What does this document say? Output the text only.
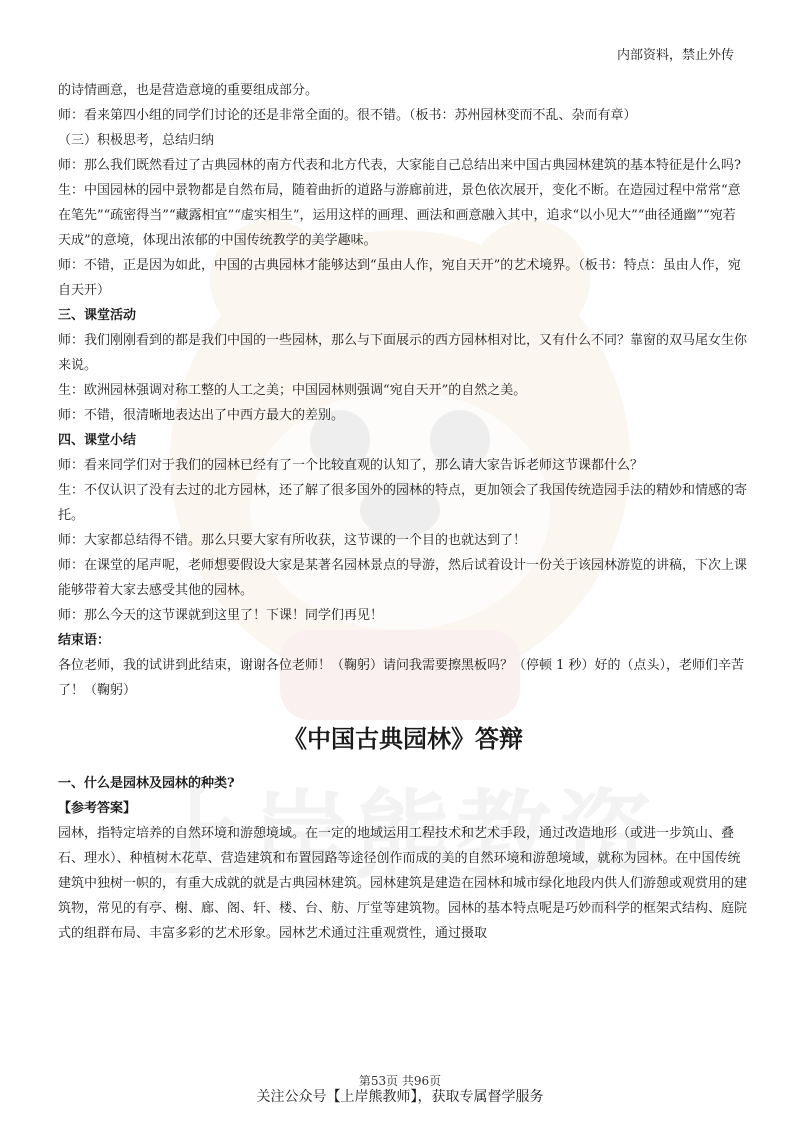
内部资料，禁止外传

的诗情画意，也是营造意境的重要组成部分。

师：看来第四小组的同学们讨论的还是非常全面的。很不错。（板书：苏州园林变而不乱、杂而有章）

（三）积极思考，总结归纳

师：那么我们既然看过了古典园林的南方代表和北方代表，大家能自己总结出来中国古典园林建筑的基本特征是什么吗?

生：中国园林的园中景物都是自然布局，随着曲折的道路与游廊前进，景色依次展开，变化不断。在造园过程中常常“意在笔先”“疏密得当”“藏露相宜”“虚实相生”，运用这样的画理、画法和画意融入其中，追求“以小见大”“曲径通幽”“宛若天成”的意境，体现出浓郁的中国传统教学的美学趣味。

师：不错，正是因为如此，中国的古典园林才能够达到“虽由人作，宛自天开”的艺术境界。（板书：特点：虽由人作，宛自天开）

三、课堂活动

师：我们刚刚看到的都是我们中国的一些园林，那么与下面展示的西方园林相对比，又有什么不同？靠窗的双马尾女生你来说。

生：欧洲园林强调对称工整的人工之美；中国园林则强调“宛自天开”的自然之美。

师：不错，很清晰地表达出了中西方最大的差别。

四、课堂小结

师：看来同学们对于我们的园林已经有了一个比较直观的认知了，那么请大家告诉老师这节课都什么？

生：不仅认识了没有去过的北方园林，还了解了很多国外的园林的特点，更加领会了我国传统造园手法的精妙和情感的寄托。

师：大家都总结得不错。那么只要大家有所收获，这节课的一个目的也就达到了！

师：在课堂的尾声呢，老师想要假设大家是某著名园林景点的导游，然后试着设计一份关于该园林游览的讲稿，下次上课能够带着大家去感受其他的园林。

师：那么今天的这节课就到这里了！下课！同学们再见！

结束语：

各位老师，我的试讲到此结束，谢谢各位老师！（鞠躬）请问我需要擦黑板吗？（停顿 1 秒）好的（点头），老师们辛苦了！（鞠躬）

《中国古典园林》答辩

一、什么是园林及园林的种类?

【参考答案】

园林，指特定培养的自然环境和游憩境域。在一定的地域运用工程技术和艺术手段，通过改造地形（或进一步筑山、叠石、理水）、种植树木花草、营造建筑和布置园路等途径创作而成的美的自然环境和游憩境域，就称为园林。在中国传统建筑中独树一帜的，有重大成就的就是古典园林建筑。园林建筑是建造在园林和城市绿化地段内供人们游憩或观赏用的建筑物，常见的有亭、榭、廊、阁、轩、楼、台、舫、厅堂等建筑物。园林的基本特点呢是巧妙而科学的框架式结构、庭院式的组群布局、丰富多彩的艺术形象。园林艺术通过注重观赏性，通过摄取

第53页 共96页
关注公众号【上岸熊教师】，获取专属督学服务
